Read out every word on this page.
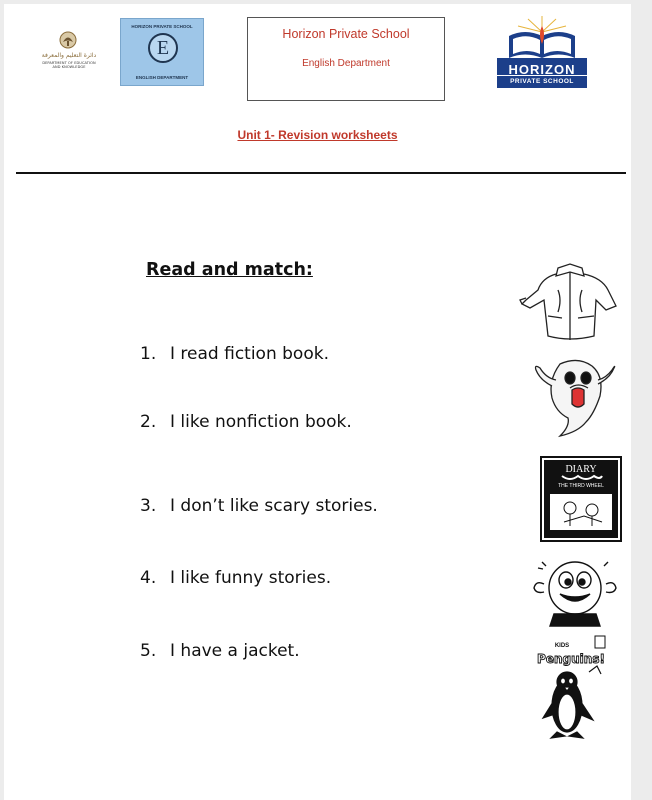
دائرة التعليم والمعرفة
DEPARTMENT OF EDUCATION
AND KNOWLEDGE
HORIZON PRIVATE SCHOOL
E
ENGLISH DEPARTMENT
Horizon Private School
English Department	HORIZON
PRIVATE SCHOOL
Unit 1- Revision worksheets
Read and match:
1. I read fiction book.
2. I like nonfiction book.
3. I don’t like scary stories.
4. I like funny stories.
5. I have a jacket.
DIARY
THE THIRD WHEEL
KIDS
Penguins!
